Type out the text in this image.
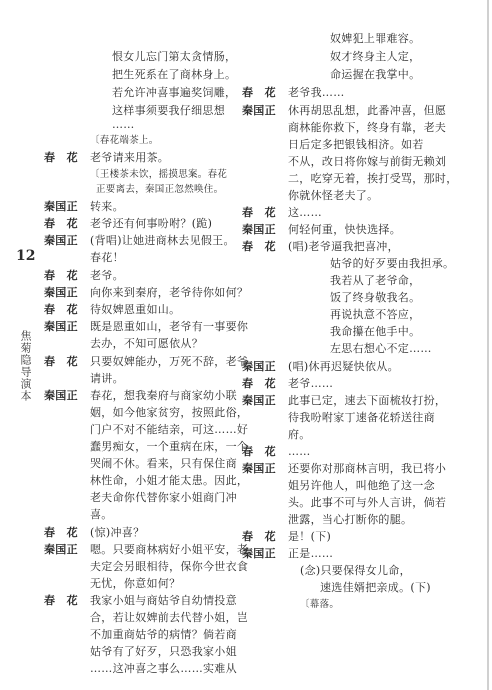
12
焦菊隐导演本
恨女儿忘门第太贪情肠，
把生死系在了商林身上。
若允许冲喜事遍奖饲雕，
这样事须要我仔细思想
……
〔春花端茶上。
春　花 老爷请来用茶。
〔王楼茶未饮，摇摸思案。春花
正要离去，秦国正忽然唤住。
秦国正 转来。
春　花 老爷还有何事吩咐？(跪)
秦国正 (背唱)让她进商林去见假王。
春花！
春　花 老爷。
秦国正 向你来到秦府，老爷待你如何？
春　花 待奴婢恩重如山。
秦国正 既是恩重如山，老爷有一事要你
去办，不知可愿依从？
春　花 只要奴婢能办，万死不辞，老爷
请讲。
秦国正 春花，想我秦府与商家幼小联
姻，如今他家贫穷，按照此俗，
门户不对不能结亲，可这……好
蠢男痴女，一个重病在床，一个
哭闹不休。看来，只有保住商
林性命，小姐才能太患。因此，
老夫命你代替你家小姐商门冲
喜。
春　花 (惊)冲喜？
秦国正 嗯。只要商林病好小姐平安，老
夫定会另眼相待，保你今世衣食
无忧，你意如何？
春　花 我家小姐与商姑爷自幼情投意
合，若让奴婢前去代替小姐，岂
不加重商姑爷的病情？倘若商
姑爷有了好歹，只恐我家小姐
……这冲喜之事么……实难从
奴婢犯上罪难容。
奴才终身主人定，
命运握在我掌中。
春　花 老爷我……
秦国正 休再胡思乱想，此番冲喜，但愿
商林能你救下，终身有靠，老夫
日后定多把银钱相济。如若
不从，改日将你嫁与前街无赖刘
二，吃穿无着，挨打受骂，那时，
你就休怪老夫了。
春　花 这……
秦国正 何轻何重，快快选择。
春　花 (唱)老爷逼我把喜冲，
姑爷的好歹要由我担承。
我若从了老爷命，
饭了终身敬我名。
再说执意不答应，
我命攥在他手中。
左思右想心不定……
秦国正 (唱)休再迟疑快依从。
春　花 老爷……
秦国正 此事已定，速去下面梳妆打扮，
待我吩咐家丁速备花轿送往商
府。
春　花 ……
秦国正 还要你对那商林言明，我已将小
姐另许他人，叫他绝了这一念
头。此事不可与外人言讲，倘若
泄露，当心打断你的腿。
春　花 是！(下)
秦国正 正是……
(念)只要保得女儿命，
速选佳婿把亲成。(下)
〔幕落。
